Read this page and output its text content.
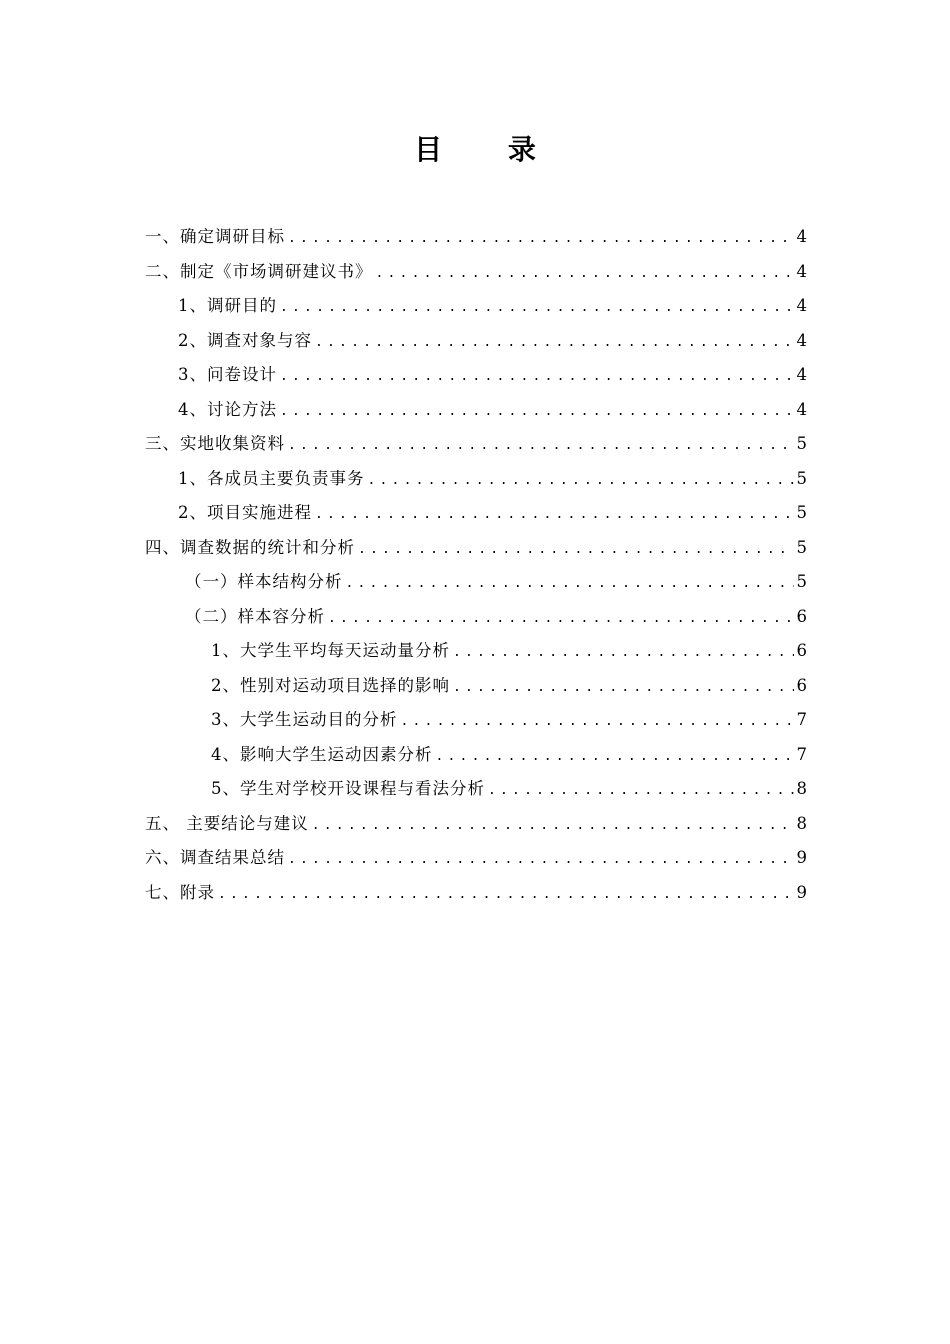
目 录
一、确定调研目标 .....	4
二、制定《市场调研建议书》 .....	4
1、调研目的 .....	4
2、调查对象与容 .....	4
3、问卷设计 .....	4
4、讨论方法 .....	4
三、实地收集资料 .....	5
1、各成员主要负责事务 .....	5
2、项目实施进程 .....	5
四、调查数据的统计和分析 .....	5
（一）样本结构分析 .....	5
（二）样本容分析 .....	6
1、大学生平均每天运动量分析 .....	6
2、性别对运动项目选择的影响 .....	6
3、大学生运动目的分析 .....	7
4、影响大学生运动因素分析 .....	7
5、学生对学校开设课程与看法分析 .....	8
五、 主要结论与建议 .....	8
六、调查结果总结 .....	9
七、附录 .....	9
